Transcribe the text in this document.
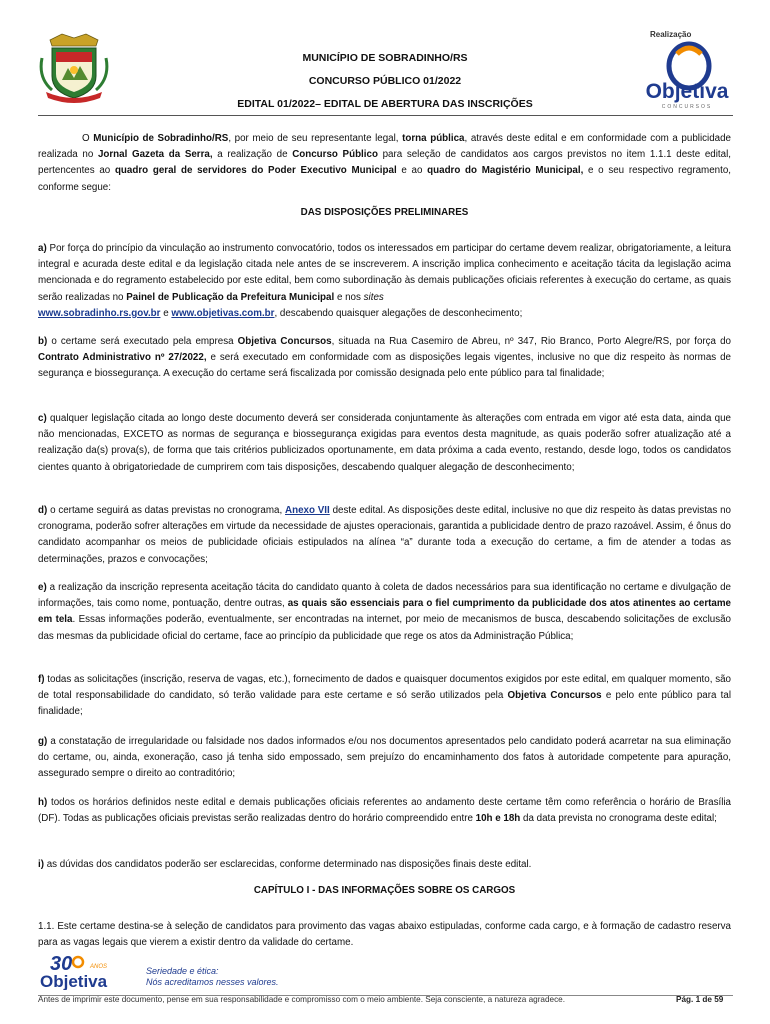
MUNICÍPIO DE SOBRADINHO/RS
CONCURSO PÚBLICO 01/2022
EDITAL 01/2022– EDITAL DE ABERTURA DAS INSCRIÇÕES
Realização
Objetiva
CONCURSOS

O Município de Sobradinho/RS, por meio de seu representante legal, torna pública, através deste edital e em conformidade com a publicidade realizada no Jornal Gazeta da Serra, a realização de Concurso Público para seleção de candidatos aos cargos previstos no item 1.1.1 deste edital, pertencentes ao quadro geral de servidores do Poder Executivo Municipal e ao quadro do Magistério Municipal, e o seu respectivo regramento, conforme segue:

DAS DISPOSIÇÕES PRELIMINARES

a) Por força do princípio da vinculação ao instrumento convocatório, todos os interessados em participar do certame devem realizar, obrigatoriamente, a leitura integral e acurada deste edital e da legislação citada nele antes de se inscreverem. A inscrição implica conhecimento e aceitação tácita da legislação acima mencionada e do regramento estabelecido por este edital, bem como subordinação às demais publicações oficiais referentes à execução do certame, as quais serão realizadas no Painel de Publicação da Prefeitura Municipal e nos sites
www.sobradinho.rs.gov.br e www.objetivas.com.br, descabendo quaisquer alegações de desconhecimento;

b) o certame será executado pela empresa Objetiva Concursos, situada na Rua Casemiro de Abreu, nº 347, Rio Branco, Porto Alegre/RS, por força do Contrato Administrativo nº 27/2022, e será executado em conformidade com as disposições legais vigentes, inclusive no que diz respeito às normas de segurança e biossegurança. A execução do certame será fiscalizada por comissão designada pelo ente público para tal finalidade;

c) qualquer legislação citada ao longo deste documento deverá ser considerada conjuntamente às alterações com entrada em vigor até esta data, ainda que não mencionadas, EXCETO as normas de segurança e biossegurança exigidas para eventos desta magnitude, as quais poderão sofrer atualização até a realização da(s) prova(s), de forma que tais critérios publicizados oportunamente, em data próxima a cada evento, restando, desde logo, todos os candidatos cientes quanto à obrigatoriedade de cumprirem com tais disposições, descabendo qualquer alegação de desconhecimento;

d) o certame seguirá as datas previstas no cronograma, Anexo VII deste edital. As disposições deste edital, inclusive no que diz respeito às datas previstas no cronograma, poderão sofrer alterações em virtude da necessidade de ajustes operacionais, garantida a publicidade dentro de prazo razoável. Assim, é ônus do candidato acompanhar os meios de publicidade oficiais estipulados na alínea “a” durante toda a execução do certame, a fim de atender a todas as determinações, prazos e convocações;

e) a realização da inscrição representa aceitação tácita do candidato quanto à coleta de dados necessários para sua identificação no certame e divulgação de informações, tais como nome, pontuação, dentre outras, as quais são essenciais para o fiel cumprimento da publicidade dos atos atinentes ao certame em tela. Essas informações poderão, eventualmente, ser encontradas na internet, por meio de mecanismos de busca, descabendo solicitações de exclusão das mesmas da publicidade oficial do certame, face ao princípio da publicidade que rege os atos da Administração Pública;

f) todas as solicitações (inscrição, reserva de vagas, etc.), fornecimento de dados e quaisquer documentos exigidos por este edital, em qualquer momento, são de total responsabilidade do candidato, só terão validade para este certame e só serão utilizados pela Objetiva Concursos e pelo ente público para tal finalidade;

g) a constatação de irregularidade ou falsidade nos dados informados e/ou nos documentos apresentados pelo candidato poderá acarretar na sua eliminação do certame, ou, ainda, exoneração, caso já tenha sido empossado, sem prejuízo do encaminhamento dos fatos à autoridade competente para apuração, assegurado sempre o direito ao contraditório;

h) todos os horários definidos neste edital e demais publicações oficiais referentes ao andamento deste certame têm como referência o horário de Brasília (DF). Todas as publicações oficiais previstas serão realizadas dentro do horário compreendido entre 10h e 18h da data prevista no cronograma deste edital;

i) as dúvidas dos candidatos poderão ser esclarecidas, conforme determinado nas disposições finais deste edital.

CAPÍTULO I - DAS INFORMAÇÕES SOBRE OS CARGOS
1.1. Este certame destina-se à seleção de candidatos para provimento das vagas abaixo estipuladas, conforme cada cargo, e à formação de cadastro reserva para as vagas legais que vierem a existir dentro da validade do certame.
30	ANOS
Objetiva
Seriedade e ética:
Nós acreditamos nesses valores.
Antes de imprimir este documento, pense em sua responsabilidade e compromisso com o meio ambiente. Seja consciente, a natureza agradece.	Pág. 1 de 59
